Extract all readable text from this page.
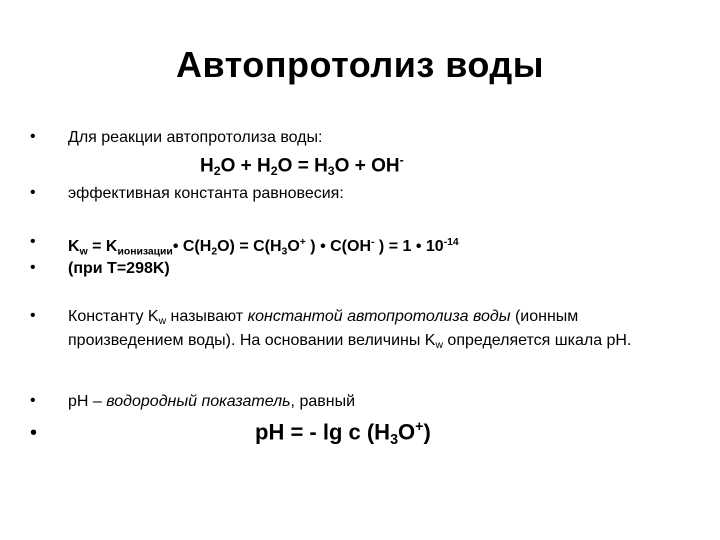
Автопротолиз воды
• Для реакции автопротолиза воды:
$H_2O + H_2O = H_3O + OH^-$
• эффективная константа равновесия:
• $K_w$ = $K_{ионизации}•$ $C(H_2O) = C(H_3O^+$ ) • C(OH- ) = 1 • $10^{-14}$
• (при T=298K)
• Константу $K_w$ называют константой автопротолиза воды (ионным произведением воды). На основании величины $K_w$ определяется шкала pH.
• pH – водородный показатель, равный
•	pH = - lg c $(H_3O^+)$
